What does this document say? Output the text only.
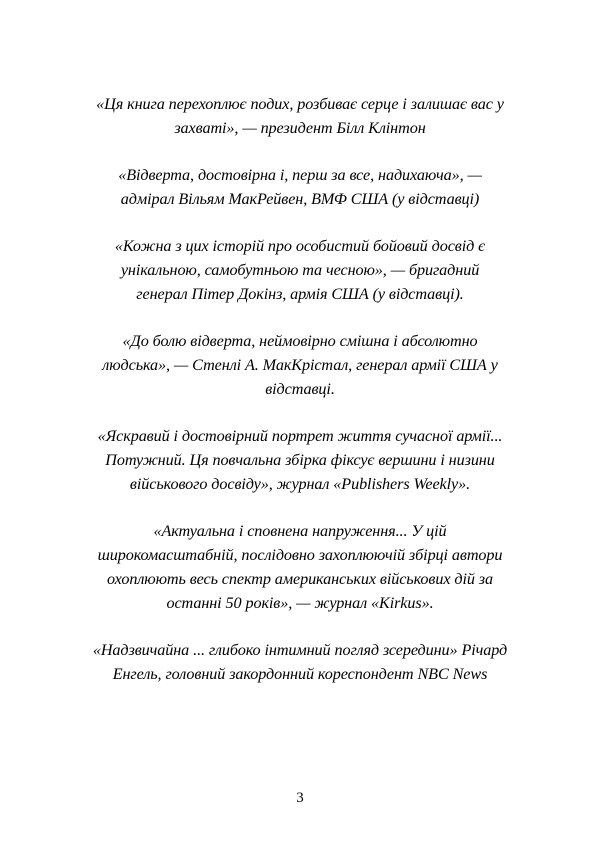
«Ця книга перехоплює подих, розбиває серце і залишає вас у
захваті», — президент Білл Клінтон

«Відверта, достовірна і, перш за все, надихаюча», —
адмірал Вільям МакРейвен, ВМФ США (у відставці)

«Кожна з цих історій про особистий бойовий досвід є
унікальною, самобутньою та чесною», — бригадний
генерал Пітер Докінз, армія США (у відставці).

«До болю відверта, неймовірно смішна і абсолютно
людська», — Стенлі А. МакКрістал, генерал армії США у
відставці.

«Яскравий і достовірний портрет життя сучасної армії...
Потужний. Ця повчальна збірка фіксує вершини і низини
військового досвіду», журнал «Publishers Weekly».

«Актуальна і сповнена напруження... У цій
широкомасштабній, послідовно захоплюючій збірці автори
охоплюють весь спектр американських військових дій за
останні 50 років», — журнал «Kirkus».

«Надзвичайна ... глибоко інтимний погляд зсередини» Річард
Енгель, головний закордонний кореспондент NBC News

3
